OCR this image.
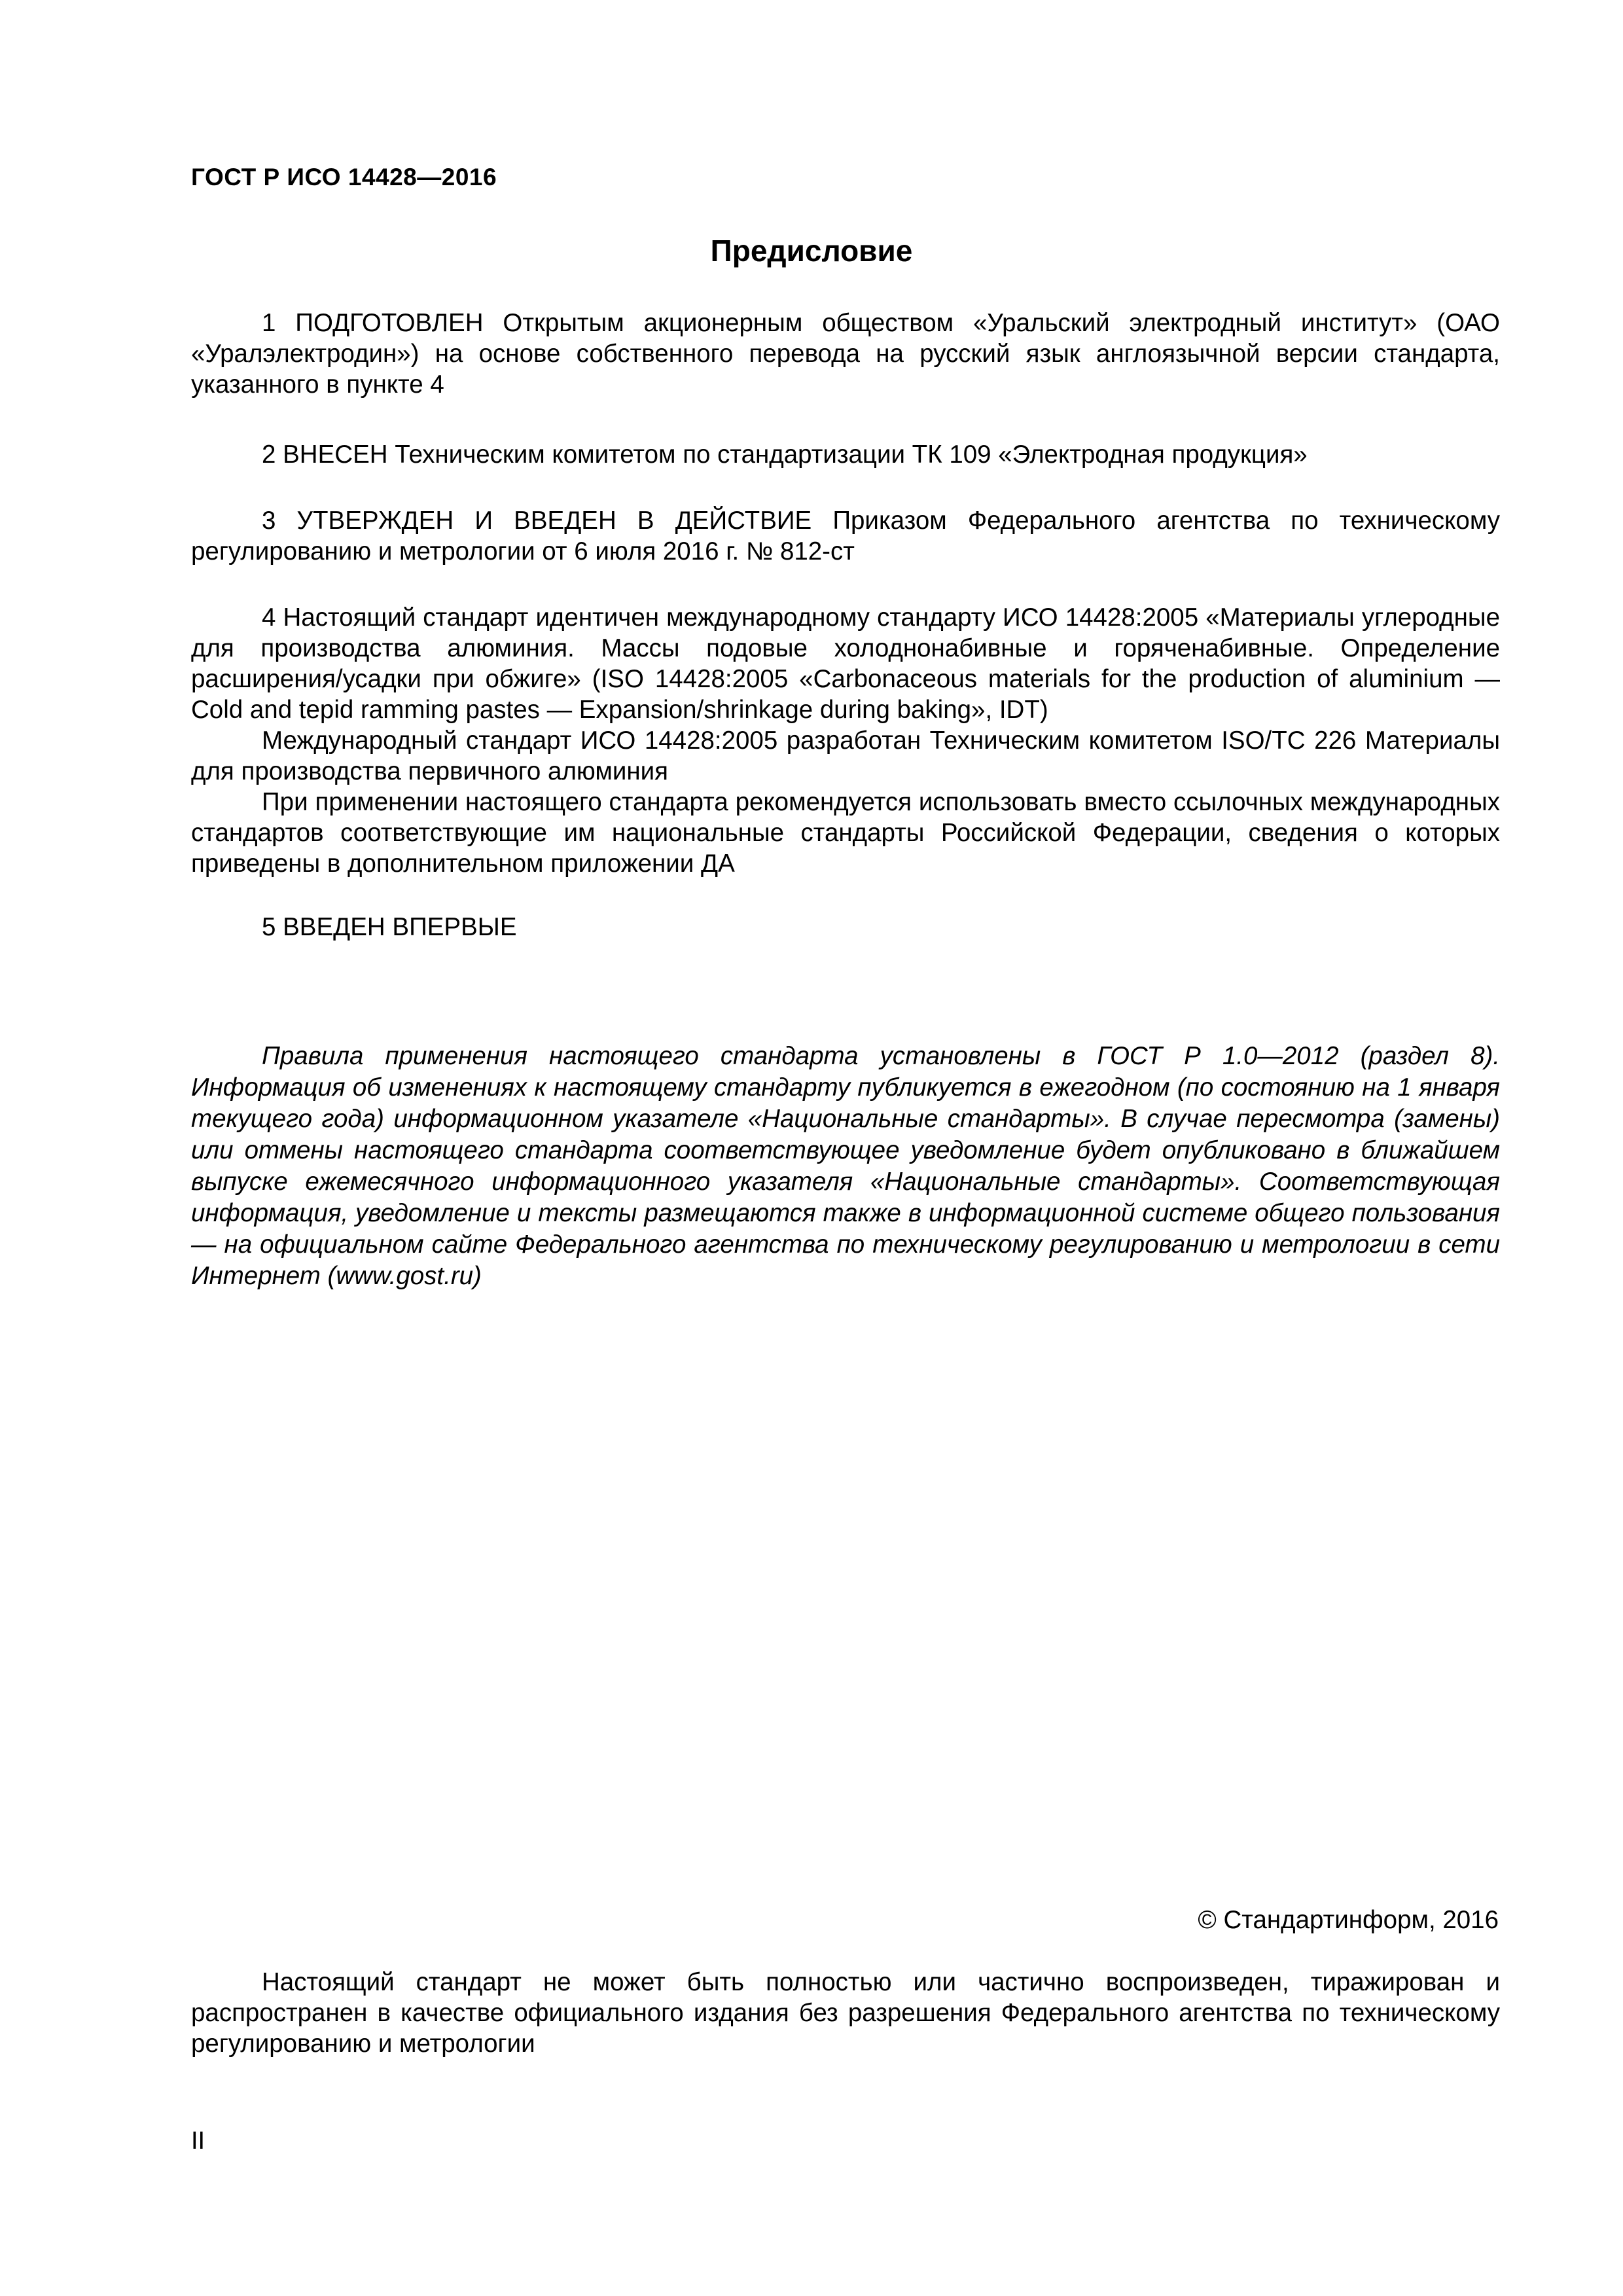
ГОСТ Р ИСО 14428—2016
Предисловие

1 ПОДГОТОВЛЕН Открытым акционерным обществом «Уральский электродный институт» (ОАО «Уралэлектродин») на основе собственного перевода на русский язык англоязычной версии стандарта, указанного в пункте 4

2 ВНЕСЕН Техническим комитетом по стандартизации ТК 109 «Электродная продукция»

3 УТВЕРЖДЕН И ВВЕДЕН В ДЕЙСТВИЕ Приказом Федерального агентства по техническому регулированию и метрологии от 6 июля 2016 г. № 812-ст

4 Настоящий стандарт идентичен международному стандарту ИСО 14428:2005 «Материалы углеродные для производства алюминия. Массы подовые холоднонабивные и горяченабивные. Определение расширения/усадки при обжиге» (ISO 14428:2005 «Carbonaceous materials for the production of aluminium — Cold and tepid ramming pastes — Expansion/shrinkage during baking», IDT)

Международный стандарт ИСО 14428:2005 разработан Техническим комитетом ISO/TC 226 Материалы для производства первичного алюминия

При применении настоящего стандарта рекомендуется использовать вместо ссылочных международных стандартов соответствующие им национальные стандарты Российской Федерации, сведения о которых приведены в дополнительном приложении ДА

5 ВВЕДЕН ВПЕРВЫЕ

Правила применения настоящего стандарта установлены в ГОСТ Р 1.0—2012 (раздел 8). Информация об изменениях к настоящему стандарту публикуется в ежегодном (по состоянию на 1 января текущего года) информационном указателе «Национальные стандарты». В случае пересмотра (замены) или отмены настоящего стандарта соответствующее уведомление будет опубликовано в ближайшем выпуске ежемесячного информационного указателя «Национальные стандарты». Соответствующая информация, уведомление и тексты размещаются также в информационной системе общего пользования — на официальном сайте Федерального агентства по техническому регулированию и метрологии в сети Интернет (www.gost.ru)

© Стандартинформ, 2016

Настоящий стандарт не может быть полностью или частично воспроизведен, тиражирован и распространен в качестве официального издания без разрешения Федерального агентства по техническому регулированию и метрологии

II
